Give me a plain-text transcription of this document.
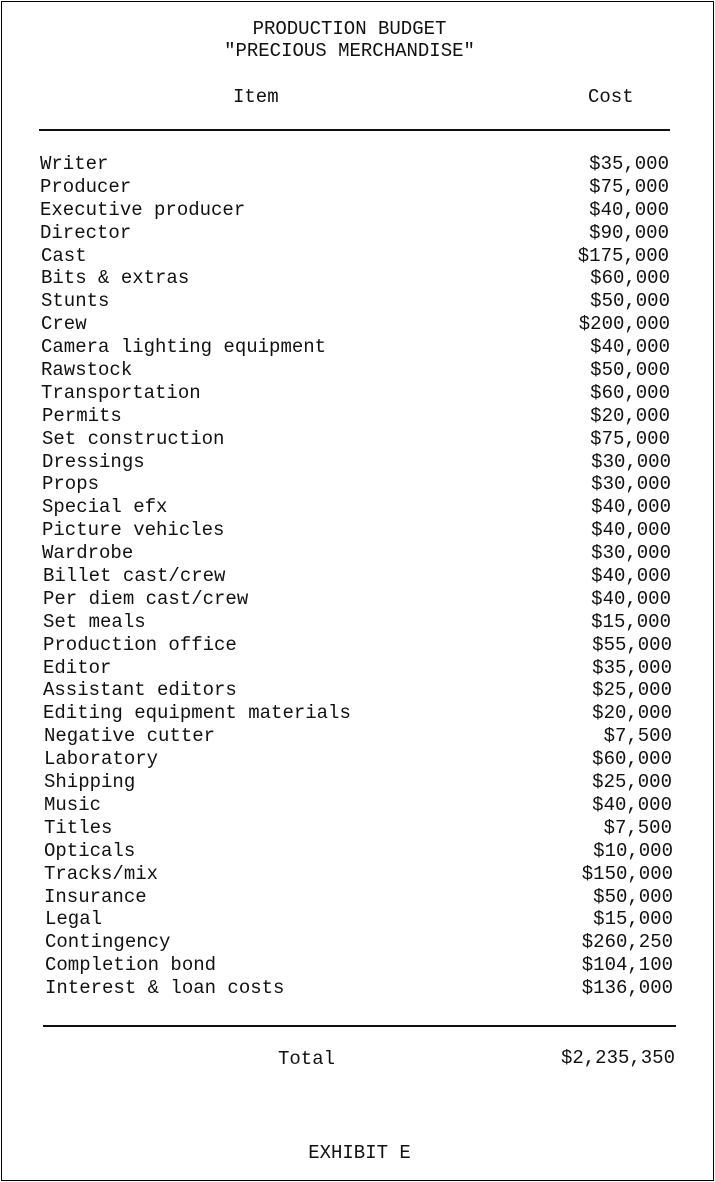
PRODUCTION BUDGET
"PRECIOUS MERCHANDISE"
Item	Cost
Writer	$35,000
Producer	$75,000
Executive producer	$40,000
Director	$90,000
Cast	$175,000
Bits & extras	$60,000
Stunts	$50,000
Crew	$200,000
Camera lighting equipment	$40,000
Rawstock	$50,000
Transportation	$60,000
Permits	$20,000
Set construction	$75,000
Dressings	$30,000
Props	$30,000
Special efx	$40,000
Picture vehicles	$40,000
Wardrobe	$30,000
Billet cast/crew	$40,000
Per diem cast/crew	$40,000
Set meals	$15,000
Production office	$55,000
Editor	$35,000
Assistant editors	$25,000
Editing equipment materials	$20,000
Negative cutter	$7,500
Laboratory	$60,000
Shipping	$25,000
Music	$40,000
Titles	$7,500
Opticals	$10,000
Tracks/mix	$150,000
Insurance	$50,000
Legal	$15,000
Contingency	$260,250
Completion bond	$104,100
Interest & loan costs	$136,000
Total	$2,235,350
EXHIBIT E
